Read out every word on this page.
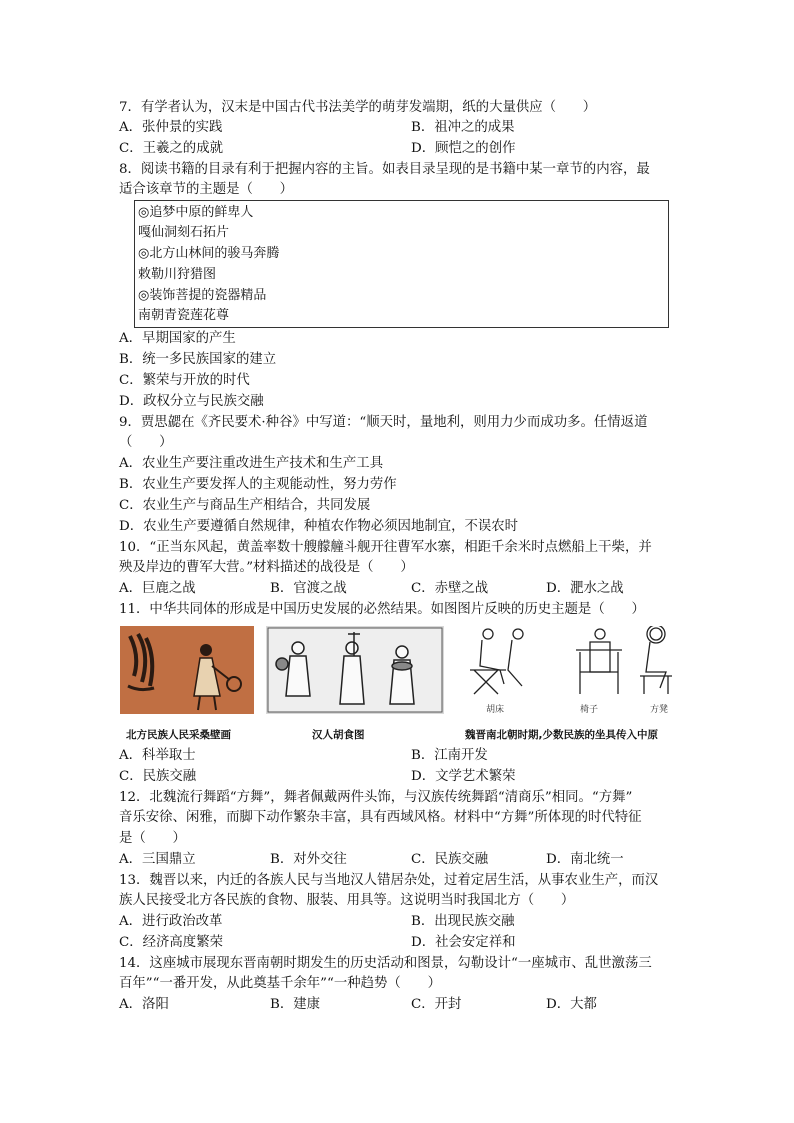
7．有学者认为，汉末是中国古代书法美学的萌芽发端期，纸的大量供应（　　）
A．张仲景的实践	B．祖冲之的成果
C．王羲之的成就	D．顾恺之的创作
8．阅读书籍的目录有利于把握内容的主旨。如表目录呈现的是书籍中某一章节的内容，最
适合该章节的主题是（　　）
◎追梦中原的鲜卑人
嘎仙洞刻石拓片
◎北方山林间的骏马奔腾
敕勒川狩猎图
◎装饰菩提的瓷器精品
南朝青瓷莲花尊
A．早期国家的产生
B．统一多民族国家的建立
C．繁荣与开放的时代
D．政权分立与民族交融
9．贾思勰在《齐民要术·种谷》中写道：“顺天时，量地利，则用力少而成功多。任情返道
（　　）
A．农业生产要注重改进生产技术和生产工具
B．农业生产要发挥人的主观能动性，努力劳作
C．农业生产与商品生产相结合，共同发展
D．农业生产要遵循自然规律，种植农作物必须因地制宜，不误农时
10．“正当东风起，黄盖率数十艘艨艟斗舰开往曹军水寨，相距千余米时点燃船上干柴，并
殃及岸边的曹军大营。”材料描述的战役是（　　）
A．巨鹿之战	B．官渡之战	C．赤壁之战	D．淝水之战
11．中华共同体的形成是中国历史发展的必然结果。如图图片反映的历史主题是（　　）
胡床	椅子	方凳
北方民族人民采桑壁画	汉人胡食图	魏晋南北朝时期,少数民族的坐具传入中原
A．科举取士	B．江南开发
C．民族交融	D．文学艺术繁荣
12．北魏流行舞蹈“方舞”，舞者佩戴两件头饰，与汉族传统舞蹈“清商乐”相同。“方舞”
音乐安徐、闲雅，而脚下动作繁杂丰富，具有西域风格。材料中“方舞”所体现的时代特征
是（　　）
A．三国鼎立	B．对外交往	C．民族交融	D．南北统一
13．魏晋以来，内迁的各族人民与当地汉人错居杂处，过着定居生活，从事农业生产，而汉
族人民接受北方各民族的食物、服装、用具等。这说明当时我国北方（　　）
A．进行政治改革	B．出现民族交融
C．经济高度繁荣	D．社会安定祥和
14．这座城市展现东晋南朝时期发生的历史活动和图景，勾勒设计“一座城市、乱世激荡三
百年”“一番开发，从此奠基千余年”“一种趋势（　　）
A．洛阳	B．建康	C．开封	D．大都
